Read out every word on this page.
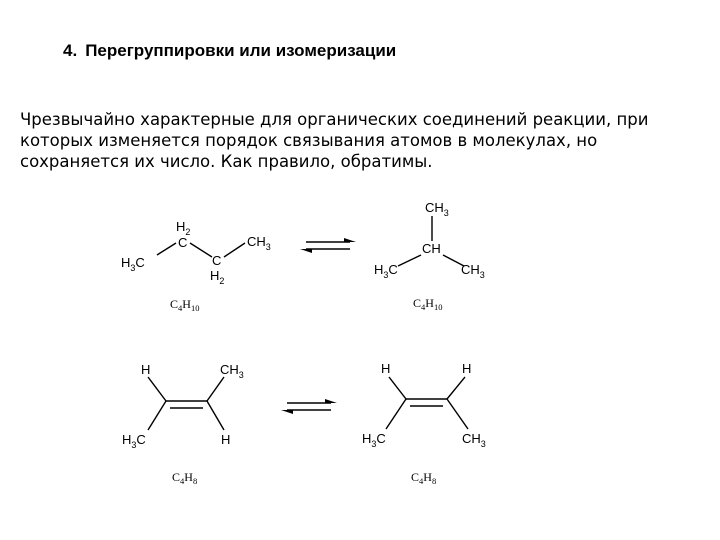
4. Перегруппировки или изомеризации
Чрезвычайно характерные для органических соединений реакции, при
которых изменяется порядок связывания атомов в молекулах, но
сохраняется их число. Как правило, обратимы.
$H_2$
C	$CH_3$
$H_3C$	C
$H_2$
$C_4H_{10}$
$CH_3$
CH
$H_3C$	$CH_3$
$C_4H_{10}$
H	$CH_3$
$H_3C$	H
$C_4H_8$
H	H
$H_3C$	$CH_3$
$C_4H_8$
